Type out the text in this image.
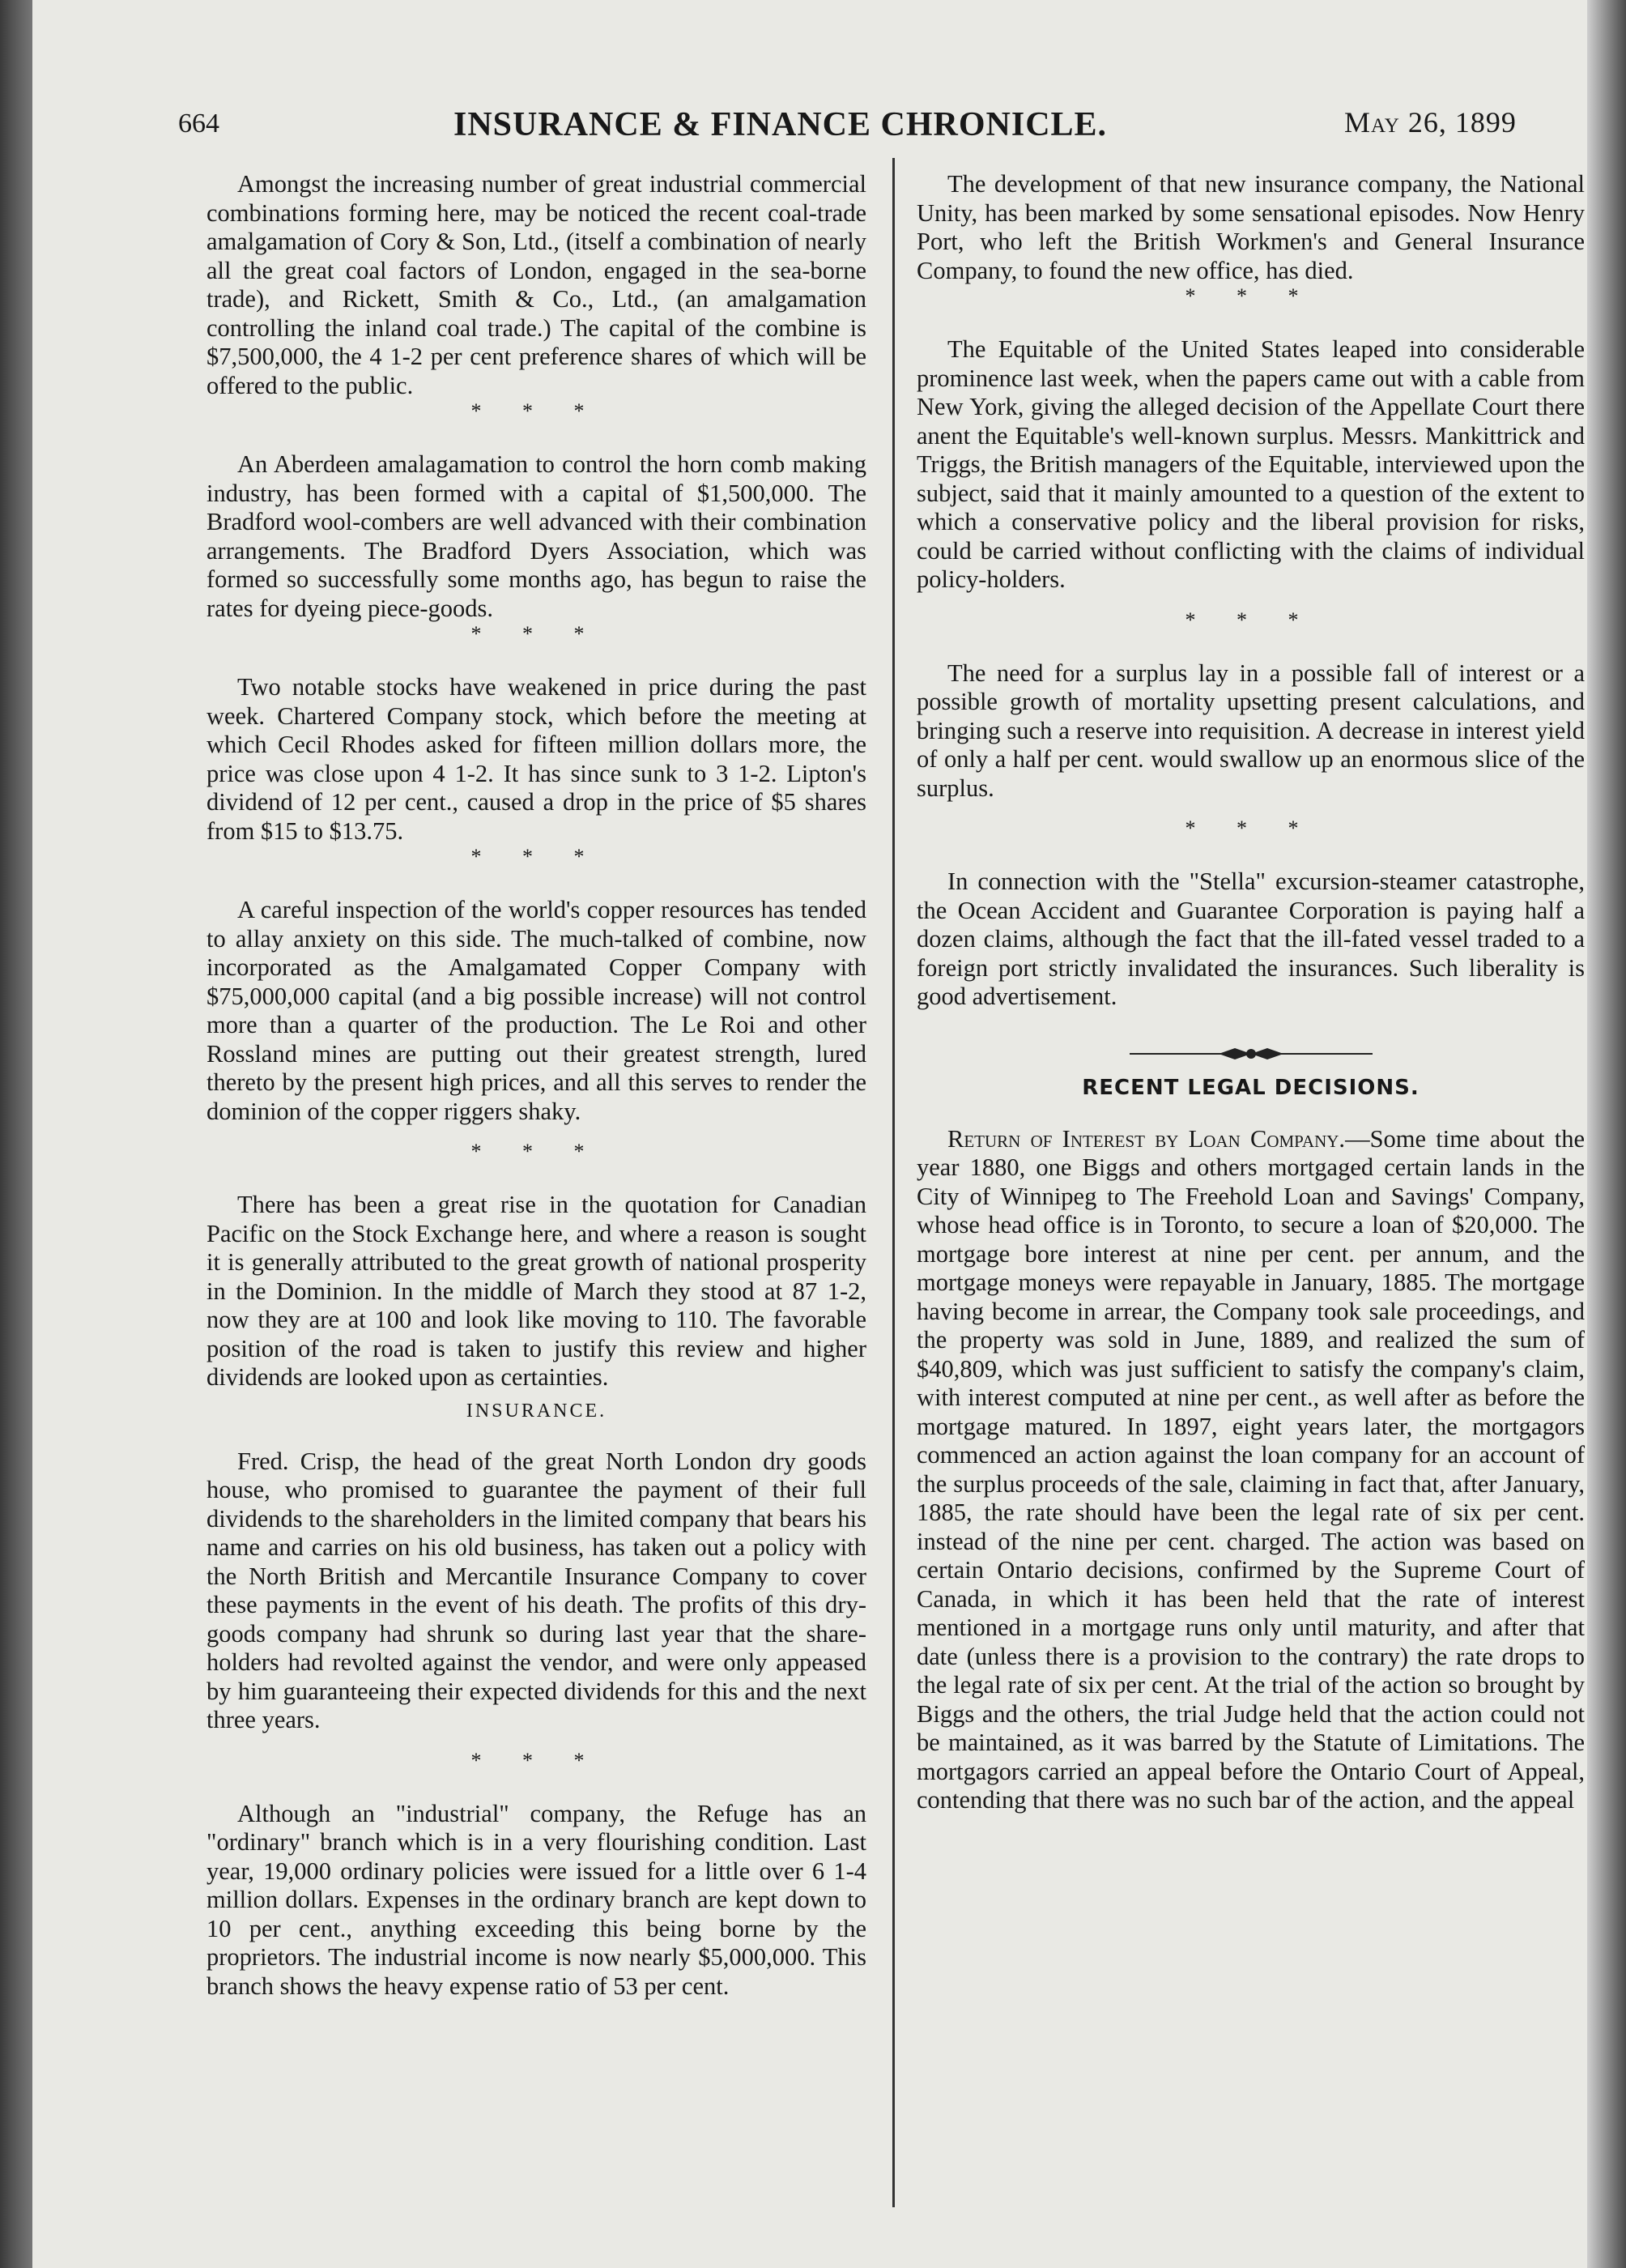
664	INSURANCE & FINANCE CHRONICLE.	May 26, 1899

Amongst the increasing number of great industrial commercial combinations forming here, may be noticed the recent coal-trade amalgamation of Cory & Son, Ltd., (itself a combination of nearly all the great coal factors of London, engaged in the sea-borne trade), and Rickett, Smith & Co., Ltd., (an amalgamation controlling the inland coal trade.) The capital of the combine is $7,500,000, the 4 1-2 per cent preference shares of which will be offered to the public.

* * *

An Aberdeen amalagamation to control the horn comb making industry, has been formed with a capital of $1,500,000. The Bradford wool-combers are well advanced with their combination arrangements. The Bradford Dyers Association, which was formed so successfully some months ago, has begun to raise the rates for dyeing piece-goods.

* * *

Two notable stocks have weakened in price during the past week. Chartered Company stock, which before the meeting at which Cecil Rhodes asked for fifteen million dollars more, the price was close upon 4 1-2. It has since sunk to 3 1-2. Lipton's dividend of 12 per cent., caused a drop in the price of $5 shares from $15 to $13.75.

* * *

A careful inspection of the world's copper resources has tended to allay anxiety on this side. The much-talked of combine, now incorporated as the Amalgamated Copper Company with $75,000,000 capital (and a big possible increase) will not control more than a quarter of the production. The Le Roi and other Rossland mines are putting out their greatest strength, lured thereto by the present high prices, and all this serves to render the dominion of the copper riggers shaky.

* * *

There has been a great rise in the quotation for Canadian Pacific on the Stock Exchange here, and where a reason is sought it is generally attributed to the great growth of national prosperity in the Dominion. In the middle of March they stood at 87 1-2, now they are at 100 and look like moving to 110. The favorable position of the road is taken to justify this review and higher dividends are looked upon as certainties.

INSURANCE.

Fred. Crisp, the head of the great North London dry goods house, who promised to guarantee the payment of their full dividends to the shareholders in the limited company that bears his name and carries on his old business, has taken out a policy with the North British and Mercantile Insurance Company to cover these payments in the event of his death. The profits of this dry-goods company had shrunk so during last year that the share-holders had revolted against the vendor, and were only appeased by him guaranteeing their expected dividends for this and the next three years.

* * *

Although an "industrial" company, the Refuge has an "ordinary" branch which is in a very flourishing condition. Last year, 19,000 ordinary policies were issued for a little over 6 1-4 million dollars. Expenses in the ordinary branch are kept down to 10 per cent., anything exceeding this being borne by the proprietors. The industrial income is now nearly $5,000,000. This branch shows the heavy expense ratio of 53 per cent.

The development of that new insurance company, the National Unity, has been marked by some sensational episodes. Now Henry Port, who left the British Workmen's and General Insurance Company, to found the new office, has died.

* * *

The Equitable of the United States leaped into considerable prominence last week, when the papers came out with a cable from New York, giving the alleged decision of the Appellate Court there anent the Equitable's well-known surplus. Messrs. Mankittrick and Triggs, the British managers of the Equitable, interviewed upon the subject, said that it mainly amounted to a question of the extent to which a conservative policy and the liberal provision for risks, could be carried without conflicting with the claims of individual policy-holders.

* * *

The need for a surplus lay in a possible fall of interest or a possible growth of mortality upsetting present calculations, and bringing such a reserve into requisition. A decrease in interest yield of only a half per cent. would swallow up an enormous slice of the surplus.

* * *

In connection with the "Stella" excursion-steamer catastrophe, the Ocean Accident and Guarantee Corporation is paying half a dozen claims, although the fact that the ill-fated vessel traded to a foreign port strictly invalidated the insurances. Such liberality is good advertisement.

RECENT LEGAL DECISIONS.

Return of Interest by Loan Company.—Some time about the year 1880, one Biggs and others mortgaged certain lands in the City of Winnipeg to The Freehold Loan and Savings' Company, whose head office is in Toronto, to secure a loan of $20,000. The mortgage bore interest at nine per cent. per annum, and the mortgage moneys were repayable in January, 1885. The mortgage having become in arrear, the Company took sale proceedings, and the property was sold in June, 1889, and realized the sum of $40,809, which was just sufficient to satisfy the company's claim, with interest computed at nine per cent., as well after as before the mortgage matured. In 1897, eight years later, the mortgagors commenced an action against the loan company for an account of the surplus proceeds of the sale, claiming in fact that, after January, 1885, the rate should have been the legal rate of six per cent. instead of the nine per cent. charged. The action was based on certain Ontario decisions, confirmed by the Supreme Court of Canada, in which it has been held that the rate of interest mentioned in a mortgage runs only until maturity, and after that date (unless there is a provision to the contrary) the rate drops to the legal rate of six per cent. At the trial of the action so brought by Biggs and the others, the trial Judge held that the action could not be maintained, as it was barred by the Statute of Limitations. The mortgagors carried an appeal before the Ontario Court of Appeal, contending that there was no such bar of the action, and the appeal
